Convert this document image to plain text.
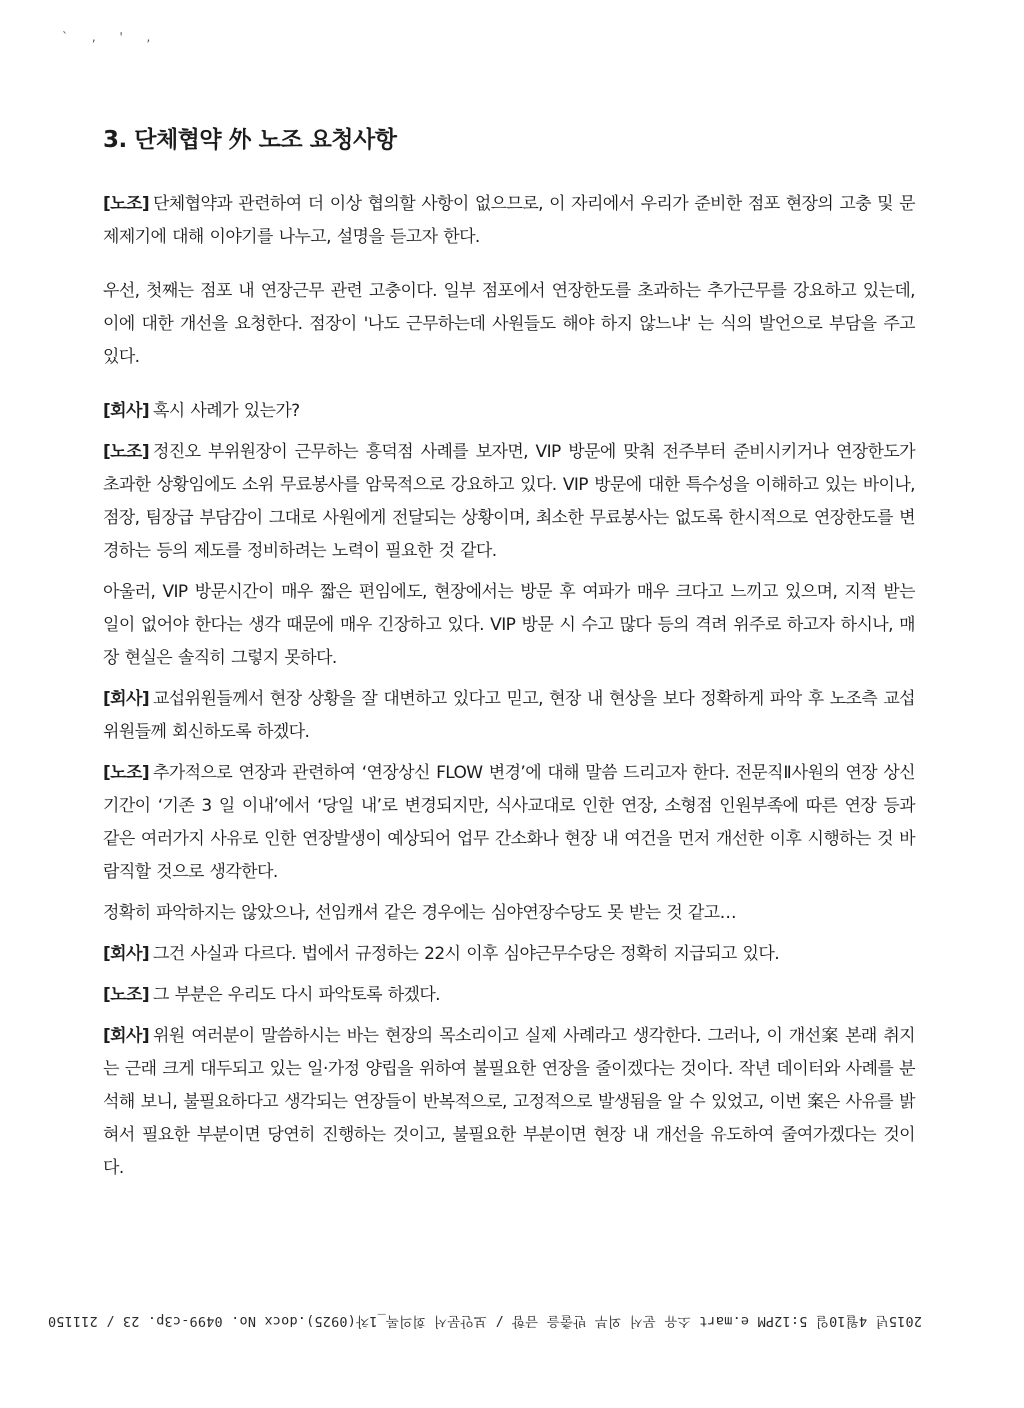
` , ' ,
3. 단체협약 外 노조 요청사항

[노조] 단체협약과 관련하여 더 이상 협의할 사항이 없으므로, 이 자리에서 우리가 준비한 점포 현장의 고충 및 문제제기에 대해 이야기를 나누고, 설명을 듣고자 한다.

우선, 첫째는 점포 내 연장근무 관련 고충이다. 일부 점포에서 연장한도를 초과하는 추가근무를 강요하고 있는데, 이에 대한 개선을 요청한다. 점장이 '나도 근무하는데 사원들도 해야 하지 않느냐' 는 식의 발언으로 부담을 주고 있다.

[회사] 혹시 사례가 있는가?

[노조] 정진오 부위원장이 근무하는 흥덕점 사례를 보자면, VIP 방문에 맞춰 전주부터 준비시키거나 연장한도가 초과한 상황임에도 소위 무료봉사를 암묵적으로 강요하고 있다. VIP 방문에 대한 특수성을 이해하고 있는 바이나, 점장, 팀장급 부담감이 그대로 사원에게 전달되는 상황이며, 최소한 무료봉사는 없도록 한시적으로 연장한도를 변경하는 등의 제도를 정비하려는 노력이 필요한 것 같다.

아울러, VIP 방문시간이 매우 짧은 편임에도, 현장에서는 방문 후 여파가 매우 크다고 느끼고 있으며, 지적 받는 일이 없어야 한다는 생각 때문에 매우 긴장하고 있다. VIP 방문 시 수고 많다 등의 격려 위주로 하고자 하시나, 매장 현실은 솔직히 그렇지 못하다.

[회사] 교섭위원들께서 현장 상황을 잘 대변하고 있다고 믿고, 현장 내 현상을 보다 정확하게 파악 후 노조측 교섭위원들께 회신하도록 하겠다.

[노조] 추가적으로 연장과 관련하여 ‘연장상신 FLOW 변경’에 대해 말씀 드리고자 한다. 전문직Ⅱ사원의 연장 상신 기간이 ‘기존 3 일 이내’에서 ‘당일 내’로 변경되지만, 식사교대로 인한 연장, 소형점 인원부족에 따른 연장 등과 같은 여러가지 사유로 인한 연장발생이 예상되어 업무 간소화나 현장 내 여건을 먼저 개선한 이후 시행하는 것 바람직할 것으로 생각한다.

정확히 파악하지는 않았으나, 선임캐셔 같은 경우에는 심야연장수당도 못 받는 것 같고…

[회사] 그건 사실과 다르다. 법에서 규정하는 22시 이후 심야근무수당은 정확히 지급되고 있다.

[노조] 그 부분은 우리도 다시 파악토록 하겠다.

[회사] 위원 여러분이 말씀하시는 바는 현장의 목소리이고 실제 사례라고 생각한다. 그러나, 이 개선案 본래 취지는 근래 크게 대두되고 있는 일·가정 양립을 위하여 불필요한 연장을 줄이겠다는 것이다. 작년 데이터와 사례를 분석해 보니, 불필요하다고 생각되는 연장들이 반복적으로, 고정적으로 발생됨을 알 수 있었고, 이번 案은 사유를 밝혀서 필요한 부분이면 당연히 진행하는 것이고, 불필요한 부분이면 현장 내 개선을 유도하여 줄여가겠다는 것이다.

2015년 4월10일 5:12PM e.mart 소유 문서 외부 반출을 금함 / 보안문서 회의록_1차(0925).docx No. 0499-c3p. 23 / 211150
